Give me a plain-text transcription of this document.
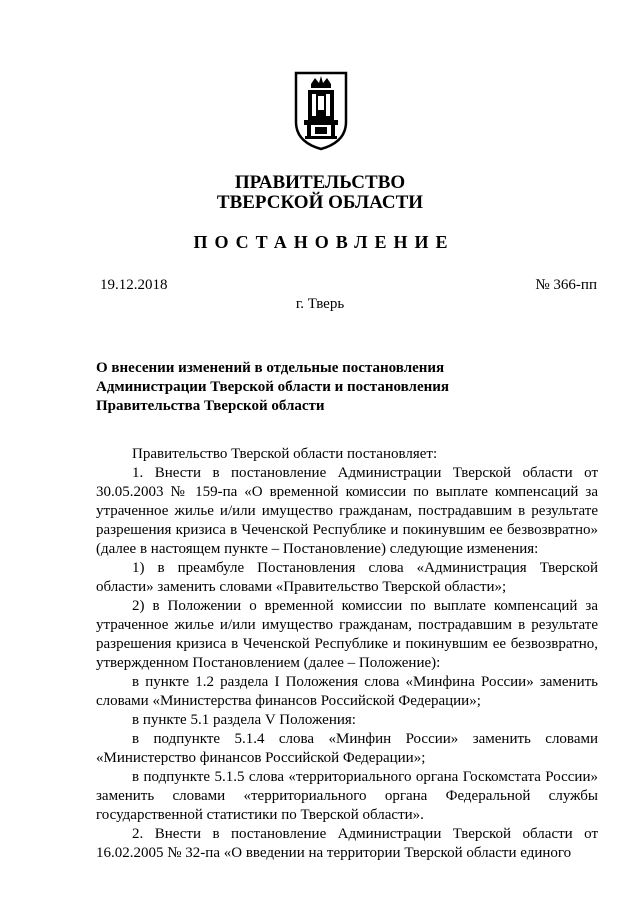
ПРАВИТЕЛЬСТВО
ТВЕРСКОЙ ОБЛАСТИ
ПОСТАНОВЛЕНИЕ
19.12.2018	№ 366-пп
г. Тверь
О внесении изменений в отдельные постановления Администрации Тверской области и постановления Правительства Тверской области

Правительство Тверской области постановляет:

1. Внести в постановление Администрации Тверской области от 30.05.2003 № 159-па «О временной комиссии по выплате компенсаций за утраченное жилье и/или имущество гражданам, пострадавшим в результате разрешения кризиса в Чеченской Республике и покинувшим ее безвозвратно» (далее в настоящем пункте – Постановление) следующие изменения:

1) в преамбуле Постановления слова «Администрация Тверской области» заменить словами «Правительство Тверской области»;

2) в Положении о временной комиссии по выплате компенсаций за утраченное жилье и/или имущество гражданам, пострадавшим в результате разрешения кризиса в Чеченской Республике и покинувшим ее безвозвратно, утвержденном Постановлением (далее – Положение):

в пункте 1.2 раздела I Положения слова «Минфина России» заменить словами «Министерства финансов Российской Федерации»;

в пункте 5.1 раздела V Положения:

в подпункте 5.1.4 слова «Минфин России» заменить словами «Министерство финансов Российской Федерации»;

в подпункте 5.1.5 слова «территориального органа Госкомстата России» заменить словами «территориального органа Федеральной службы государственной статистики по Тверской области».

2. Внести в постановление Администрации Тверской области от 16.02.2005 № 32-па «О введении на территории Тверской области единого
